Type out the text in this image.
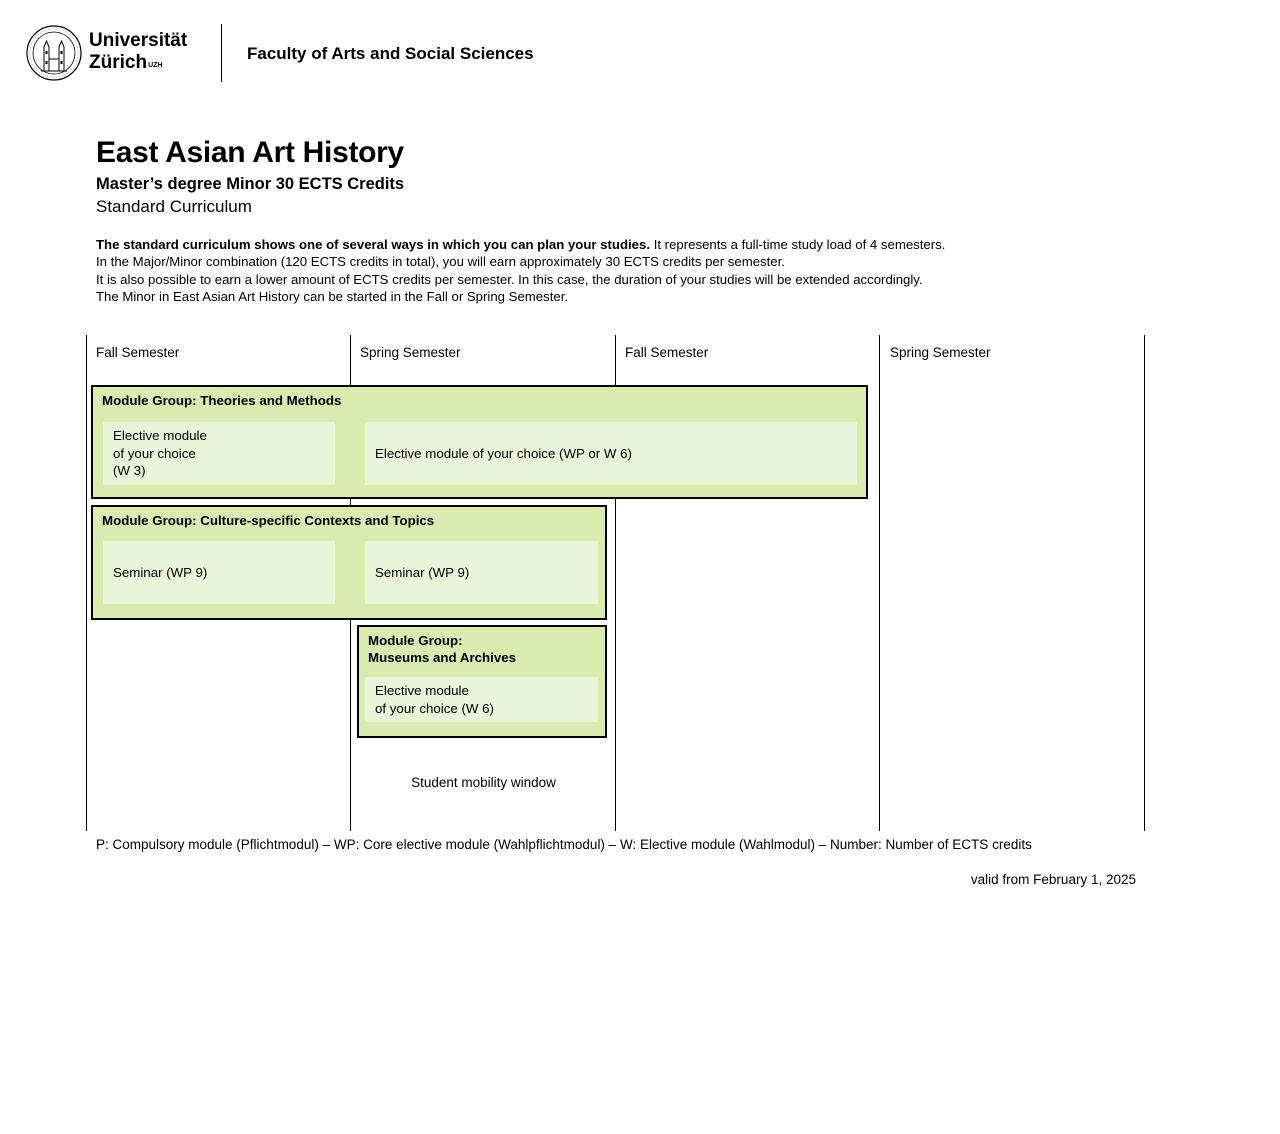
Universität
Zürich$^{UZH}$
Faculty of Arts and Social Sciences
East Asian Art History
Master’s degree Minor 30 ECTS Credits
Standard Curriculum

The standard curriculum shows one of several ways in which you can plan your studies. It represents a full-time study load of 4 semesters.

In the Major/Minor combination (120 ECTS credits in total), you will earn approximately 30 ECTS credits per semester.

It is also possible to earn a lower amount of ECTS credits per semester. In this case, the duration of your studies will be extended accordingly.

The Minor in East Asian Art History can be started in the Fall or Spring Semester.

Fall Semester	Spring Semester	Fall Semester	Spring Semester
Module Group: Theories and Methods
Elective module
of your choice
(W 3)
Elective module of your choice (WP or W 6)
Module Group: Culture-specific Contexts and Topics
Seminar (WP 9)	Seminar (WP 9)
Module Group:
Museums and Archives
Elective module
of your choice (W 6)
Student mobility window
P: Compulsory module (Pflichtmodul) – WP: Core elective module (Wahlpflichtmodul) – W: Elective module (Wahlmodul) – Number: Number of ECTS credits
valid from February 1, 2025
